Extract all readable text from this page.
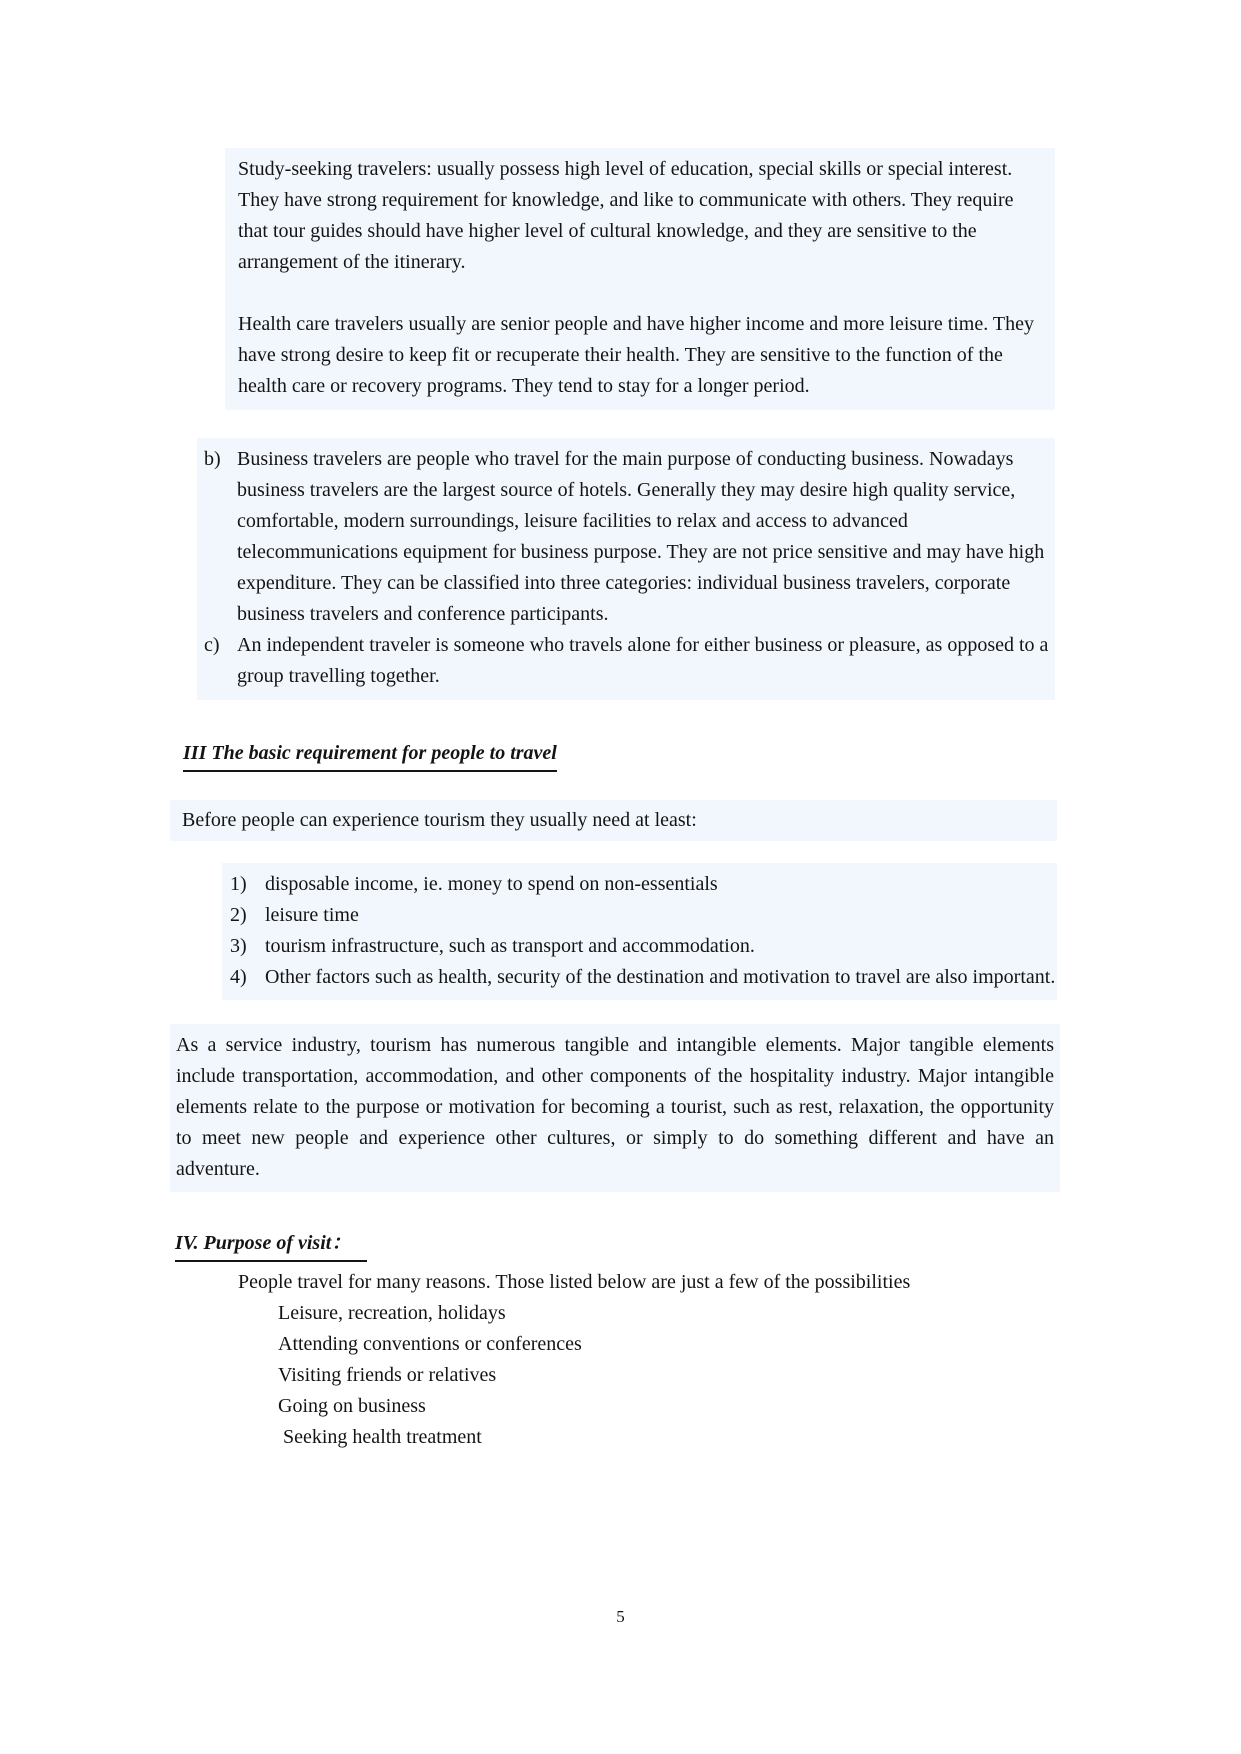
Study-seeking travelers: usually possess high level of education, special skills or special interest. They have strong requirement for knowledge, and like to communicate with others. They require that tour guides should have higher level of cultural knowledge, and they are sensitive to the arrangement of the itinerary.
Health care travelers usually are senior people and have higher income and more leisure time. They have strong desire to keep fit or recuperate their health. They are sensitive to the function of the health care or recovery programs. They tend to stay for a longer period.
b) Business travelers are people who travel for the main purpose of conducting business. Nowadays business travelers are the largest source of hotels. Generally they may desire high quality service, comfortable, modern surroundings, leisure facilities to relax and access to advanced telecommunications equipment for business purpose. They are not price sensitive and may have high expenditure. They can be classified into three categories: individual business travelers, corporate business travelers and conference participants.
c) An independent traveler is someone who travels alone for either business or pleasure, as opposed to a group travelling together.
III The basic requirement for people to travel
Before people can experience tourism they usually need at least:
1) disposable income, ie. money to spend on non-essentials
2) leisure time
3) tourism infrastructure, such as transport and accommodation.
4) Other factors such as health, security of the destination and motivation to travel are also important.
As a service industry, tourism has numerous tangible and intangible elements. Major tangible elements include transportation, accommodation, and other components of the hospitality industry. Major intangible elements relate to the purpose or motivation for becoming a tourist, such as rest, relaxation, the opportunity to meet new people and experience other cultures, or simply to do something different and have an adventure.
IV. Purpose of visit：
People travel for many reasons. Those listed below are just a few of the possibilities
Leisure, recreation, holidays
Attending conventions or conferences
Visiting friends or relatives
Going on business
Seeking health treatment
5
